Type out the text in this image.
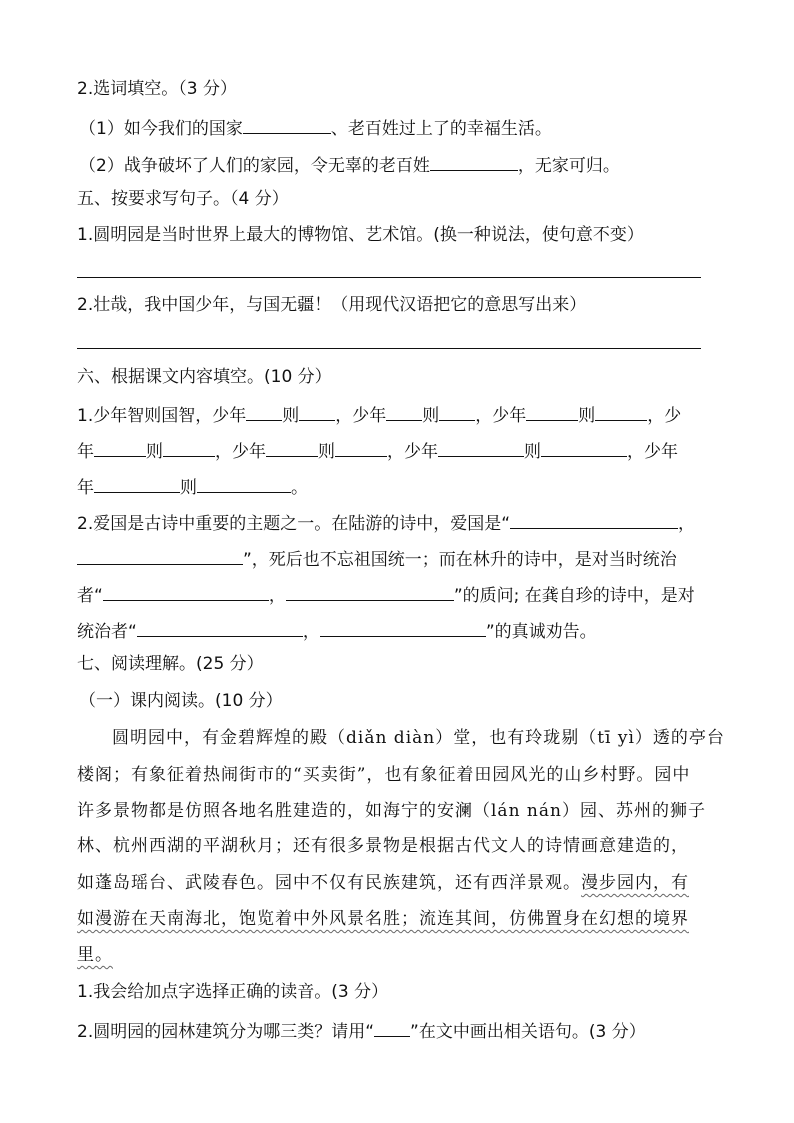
2.选词填空。（3 分）
（1）如今我们的国家	、老百姓过上了的幸福生活。
（2）战争破坏了人们的家园，令无辜的老百姓	，无家可归。
五、按要求写句子。（4 分）
1.圆明园是当时世界上最大的博物馆、艺术馆。(换一种说法，使句意不变）
2.壮哉，我中国少年，与国无疆！（用现代汉语把它的意思写出来）
六、根据课文内容填空。(10 分）
1.少年智则国智，少年 则 ，少年 则 ，少年	则	，少
年	则	，少年	则	，少年	则	，少年
年	则	。
2.爱国是古诗中重要的主题之一。在陆游的诗中，爱国是“	，
”，死后也不忘祖国统一；而在林升的诗中，是对当时统治
者“	，	”的质问; 在龚自珍的诗中，是对
统治者“	，	”的真诚劝告。
七、阅读理解。(25 分）
（一）课内阅读。(10 分）
圆明园中，有金碧辉煌的殿（diǎn diàn）堂，也有玲珑剔（tī yì）透的亭台
楼阁；有象征着热闹街市的“买卖街”，也有象征着田园风光的山乡村野。园中
许多景物都是仿照各地名胜建造的，如海宁的安澜（lán nán）园、苏州的狮子
林、杭州西湖的平湖秋月；还有很多景物是根据古代文人的诗情画意建造的，
如蓬岛瑶台、武陵春色。园中不仅有民族建筑，还有西洋景观。漫步园内，有
如漫游在天南海北，饱览着中外风景名胜；流连其间，仿佛置身在幻想的境界
里。
1.我会给加点字选择正确的读音。(3 分）
2.圆明园的园林建筑分为哪三类？请用“ ”在文中画出相关语句。(3 分）
